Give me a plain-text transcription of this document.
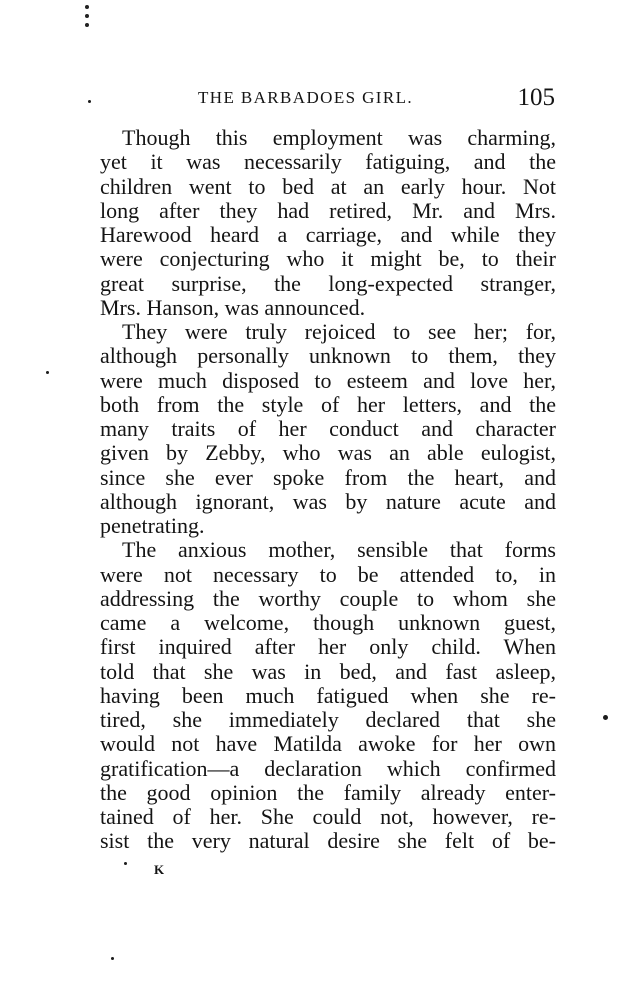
THE BARBADOES GIRL.	105
Though this employment was charming,
yet it was necessarily fatiguing, and the
children went to bed at an early hour. Not
long after they had retired, Mr. and Mrs.
Harewood heard a carriage, and while they
were conjecturing who it might be, to their
great surprise, the long-expected stranger,
Mrs. Hanson, was announced.
They were truly rejoiced to see her; for,
although personally unknown to them, they
were much disposed to esteem and love her,
both from the style of her letters, and the
many traits of her conduct and character
given by Zebby, who was an able eulogist,
since she ever spoke from the heart, and
although ignorant, was by nature acute and
penetrating.
The anxious mother, sensible that forms
were not necessary to be attended to, in
addressing the worthy couple to whom she
came a welcome, though unknown guest,
first inquired after her only child. When
told that she was in bed, and fast asleep,
having been much fatigued when she re-
tired, she immediately declared that she
would not have Matilda awoke for her own
gratification—a declaration which confirmed
the good opinion the family already enter-
tained of her. She could not, however, re-
sist the very natural desire she felt of be-
K
